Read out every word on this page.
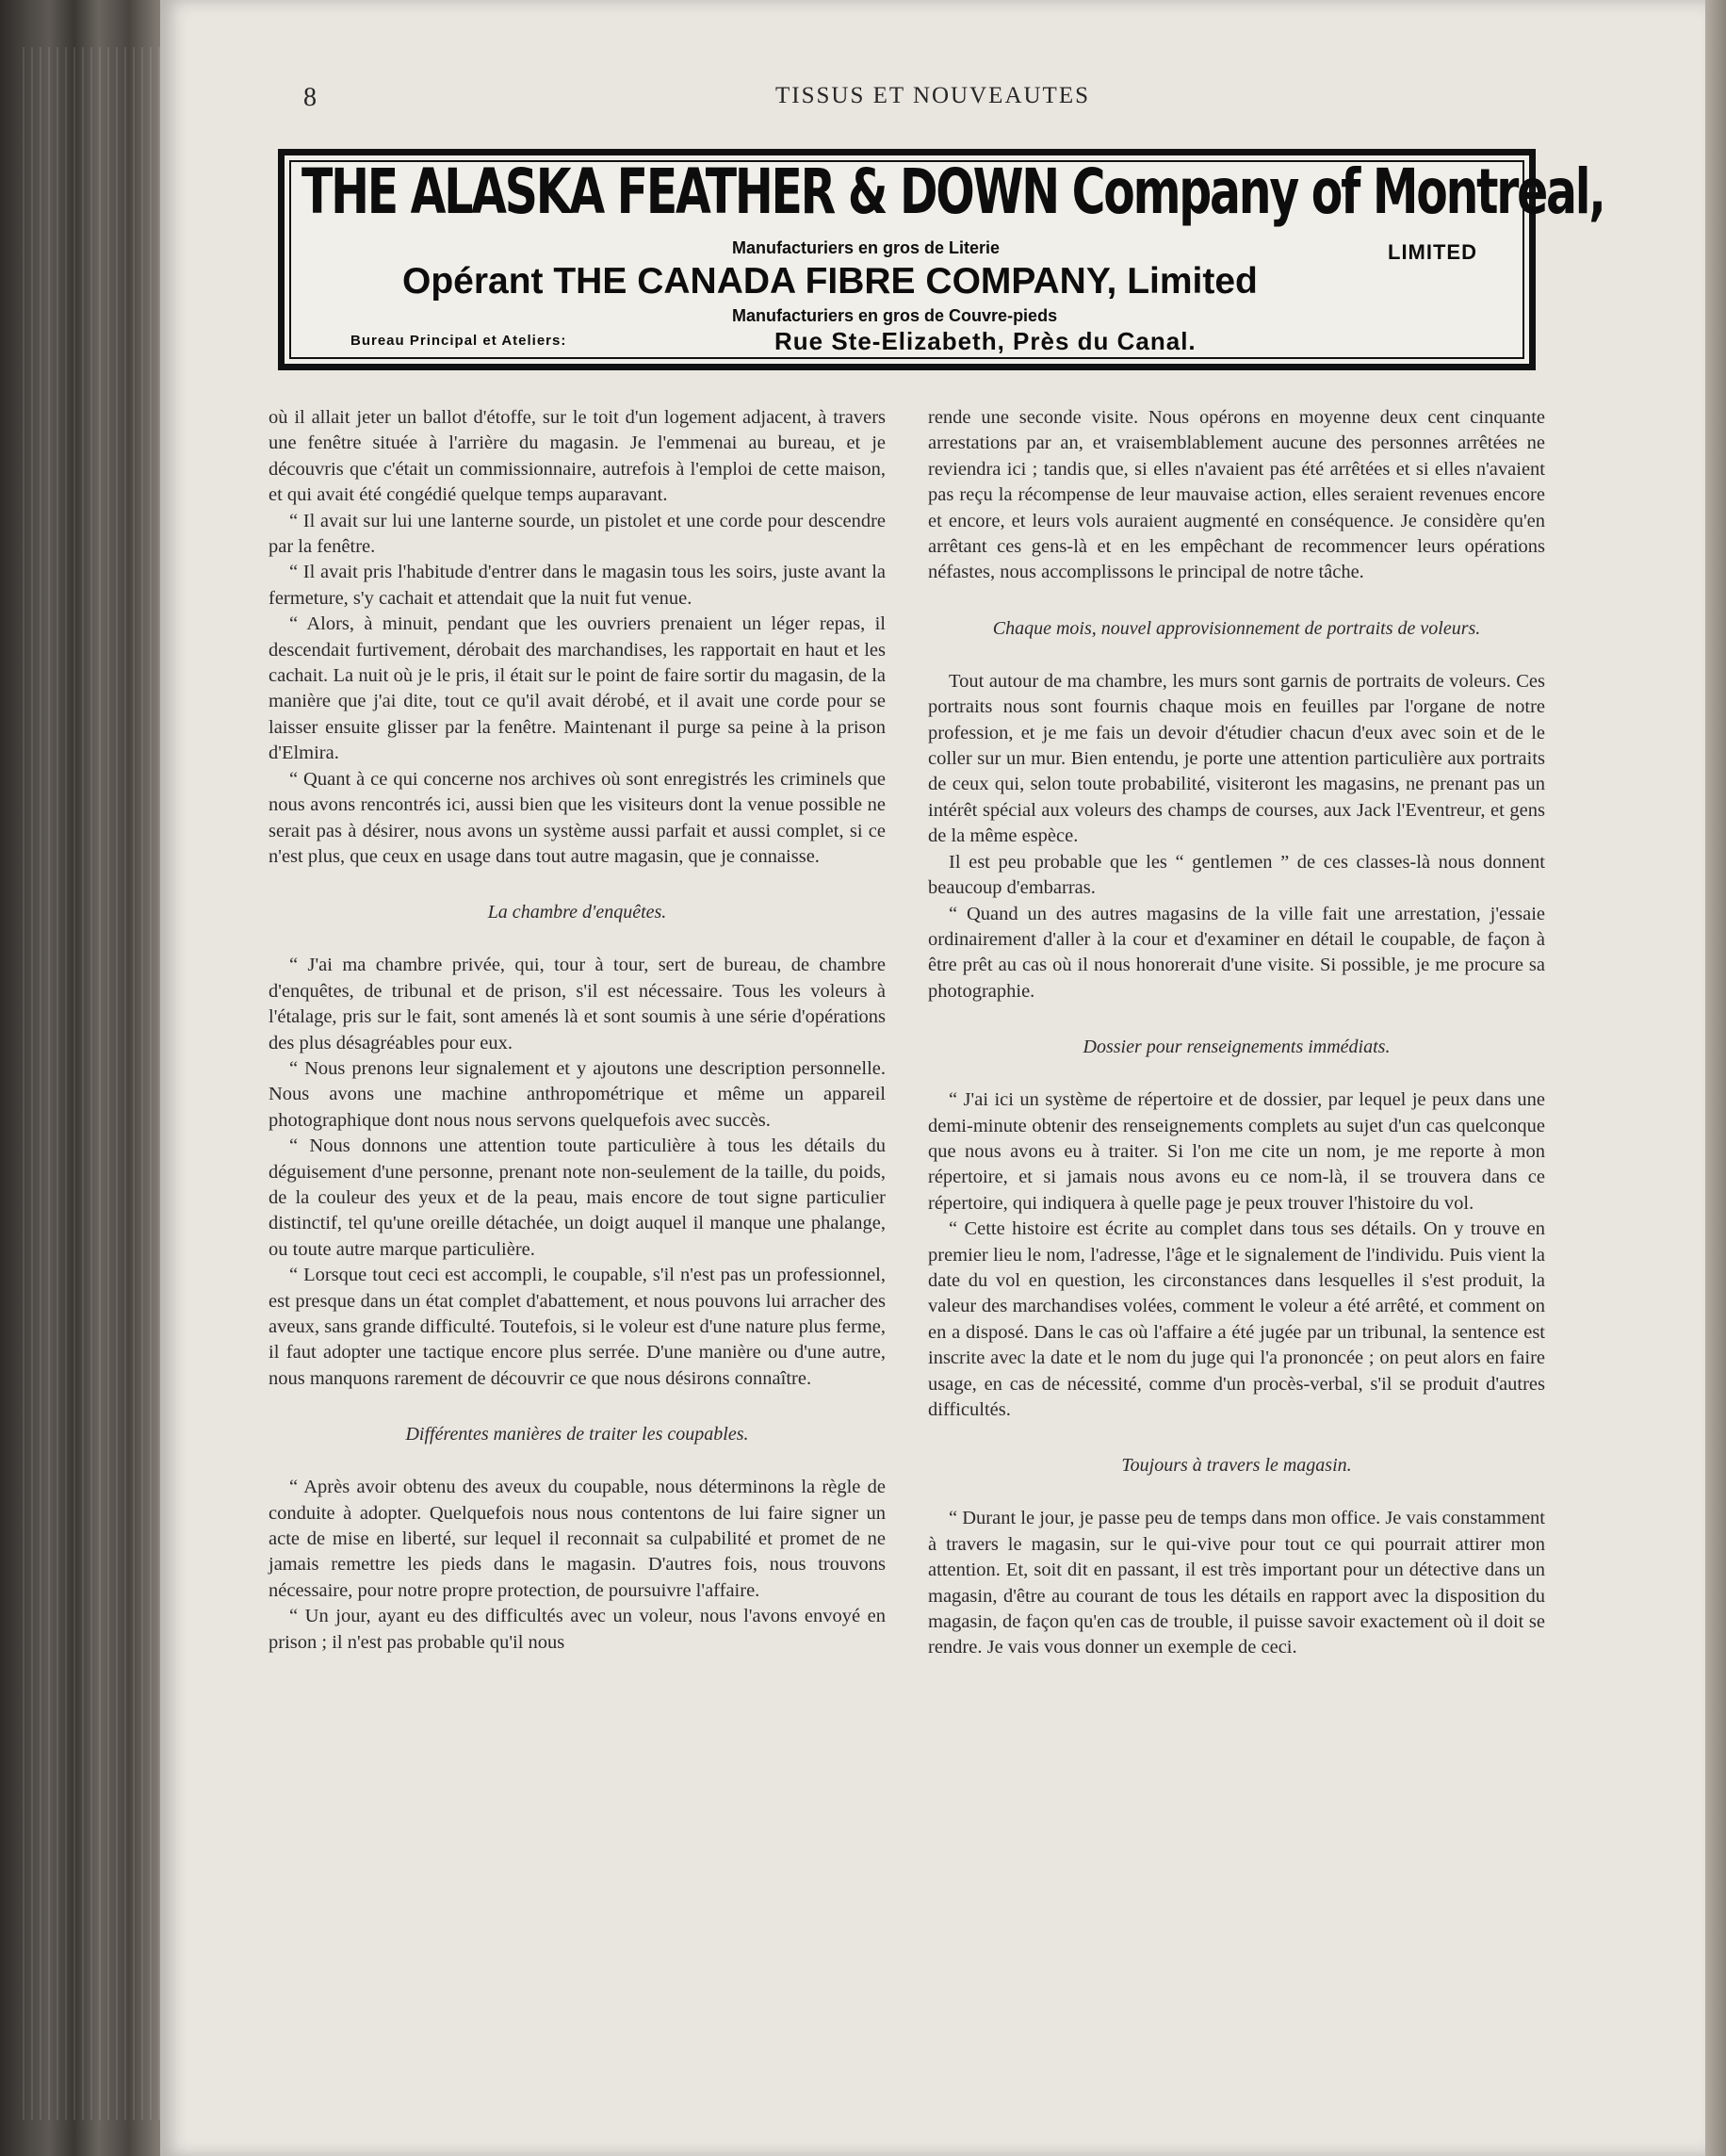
8	TISSUS ET NOUVEAUTES
THE ALASKA FEATHER & DOWN Company of Montreal,
Manufacturiers en gros de Literie	LIMITED
Opérant THE CANADA FIBRE COMPANY, Limited
Manufacturiers en gros de Couvre-pieds
Bureau Principal et Ateliers:	Rue Ste-Elizabeth, Près du Canal.

où il allait jeter un ballot d'étoffe, sur le toit d'un logement adjacent, à travers une fenêtre située à l'arrière du magasin. Je l'emmenai au bureau, et je découvris que c'était un commissionnaire, autrefois à l'emploi de cette maison, et qui avait été congédié quelque temps auparavant.

“ Il avait sur lui une lanterne sourde, un pistolet et une corde pour descendre par la fenêtre.

“ Il avait pris l'habitude d'entrer dans le magasin tous les soirs, juste avant la fermeture, s'y cachait et attendait que la nuit fut venue.

“ Alors, à minuit, pendant que les ouvriers prenaient un léger repas, il descendait furtivement, dérobait des marchandises, les rapportait en haut et les cachait. La nuit où je le pris, il était sur le point de faire sortir du magasin, de la manière que j'ai dite, tout ce qu'il avait dérobé, et il avait une corde pour se laisser ensuite glisser par la fenêtre. Maintenant il purge sa peine à la prison d'Elmira.

“ Quant à ce qui concerne nos archives où sont enregistrés les criminels que nous avons rencontrés ici, aussi bien que les visiteurs dont la venue possible ne serait pas à désirer, nous avons un système aussi parfait et aussi complet, si ce n'est plus, que ceux en usage dans tout autre magasin, que je connaisse.

La chambre d'enquêtes.

“ J'ai ma chambre privée, qui, tour à tour, sert de bureau, de chambre d'enquêtes, de tribunal et de prison, s'il est nécessaire. Tous les voleurs à l'étalage, pris sur le fait, sont amenés là et sont soumis à une série d'opérations des plus désagréables pour eux.

“ Nous prenons leur signalement et y ajoutons une description personnelle. Nous avons une machine anthropométrique et même un appareil photographique dont nous nous servons quelquefois avec succès.

“ Nous donnons une attention toute particulière à tous les détails du déguisement d'une personne, prenant note non-seulement de la taille, du poids, de la couleur des yeux et de la peau, mais encore de tout signe particulier distinctif, tel qu'une oreille détachée, un doigt auquel il manque une phalange, ou toute autre marque particulière.

“ Lorsque tout ceci est accompli, le coupable, s'il n'est pas un professionnel, est presque dans un état complet d'abattement, et nous pouvons lui arracher des aveux, sans grande difficulté. Toutefois, si le voleur est d'une nature plus ferme, il faut adopter une tactique encore plus serrée. D'une manière ou d'une autre, nous manquons rarement de découvrir ce que nous désirons connaître.

Différentes manières de traiter les coupables.

“ Après avoir obtenu des aveux du coupable, nous déterminons la règle de conduite à adopter. Quelquefois nous nous contentons de lui faire signer un acte de mise en liberté, sur lequel il reconnait sa culpabilité et promet de ne jamais remettre les pieds dans le magasin. D'autres fois, nous trouvons nécessaire, pour notre propre protection, de poursuivre l'affaire.

“ Un jour, ayant eu des difficultés avec un voleur, nous l'avons envoyé en prison ; il n'est pas probable qu'il nous

rende une seconde visite. Nous opérons en moyenne deux cent cinquante arrestations par an, et vraisemblablement aucune des personnes arrêtées ne reviendra ici ; tandis que, si elles n'avaient pas été arrêtées et si elles n'avaient pas reçu la récompense de leur mauvaise action, elles seraient revenues encore et encore, et leurs vols auraient augmenté en conséquence. Je considère qu'en arrêtant ces gens-là et en les empêchant de recommencer leurs opérations néfastes, nous accomplissons le principal de notre tâche.

Chaque mois, nouvel approvisionnement de portraits de voleurs.

Tout autour de ma chambre, les murs sont garnis de portraits de voleurs. Ces portraits nous sont fournis chaque mois en feuilles par l'organe de notre profession, et je me fais un devoir d'étudier chacun d'eux avec soin et de le coller sur un mur. Bien entendu, je porte une attention particulière aux portraits de ceux qui, selon toute probabilité, visiteront les magasins, ne prenant pas un intérêt spécial aux voleurs des champs de courses, aux Jack l'Eventreur, et gens de la même espèce.

Il est peu probable que les “ gentlemen ” de ces classes-là nous donnent beaucoup d'embarras.

“ Quand un des autres magasins de la ville fait une arrestation, j'essaie ordinairement d'aller à la cour et d'examiner en détail le coupable, de façon à être prêt au cas où il nous honorerait d'une visite. Si possible, je me procure sa photographie.

Dossier pour renseignements immédiats.

“ J'ai ici un système de répertoire et de dossier, par lequel je peux dans une demi-minute obtenir des renseignements complets au sujet d'un cas quelconque que nous avons eu à traiter. Si l'on me cite un nom, je me reporte à mon répertoire, et si jamais nous avons eu ce nom-là, il se trouvera dans ce répertoire, qui indiquera à quelle page je peux trouver l'histoire du vol.

“ Cette histoire est écrite au complet dans tous ses détails. On y trouve en premier lieu le nom, l'adresse, l'âge et le signalement de l'individu. Puis vient la date du vol en question, les circonstances dans lesquelles il s'est produit, la valeur des marchandises volées, comment le voleur a été arrêté, et comment on en a disposé. Dans le cas où l'affaire a été jugée par un tribunal, la sentence est inscrite avec la date et le nom du juge qui l'a prononcée ; on peut alors en faire usage, en cas de nécessité, comme d'un procès-verbal, s'il se produit d'autres difficultés.

Toujours à travers le magasin.

“ Durant le jour, je passe peu de temps dans mon office. Je vais constamment à travers le magasin, sur le qui-vive pour tout ce qui pourrait attirer mon attention. Et, soit dit en passant, il est très important pour un détective dans un magasin, d'être au courant de tous les détails en rapport avec la disposition du magasin, de façon qu'en cas de trouble, il puisse savoir exactement où il doit se rendre. Je vais vous donner un exemple de ceci.
